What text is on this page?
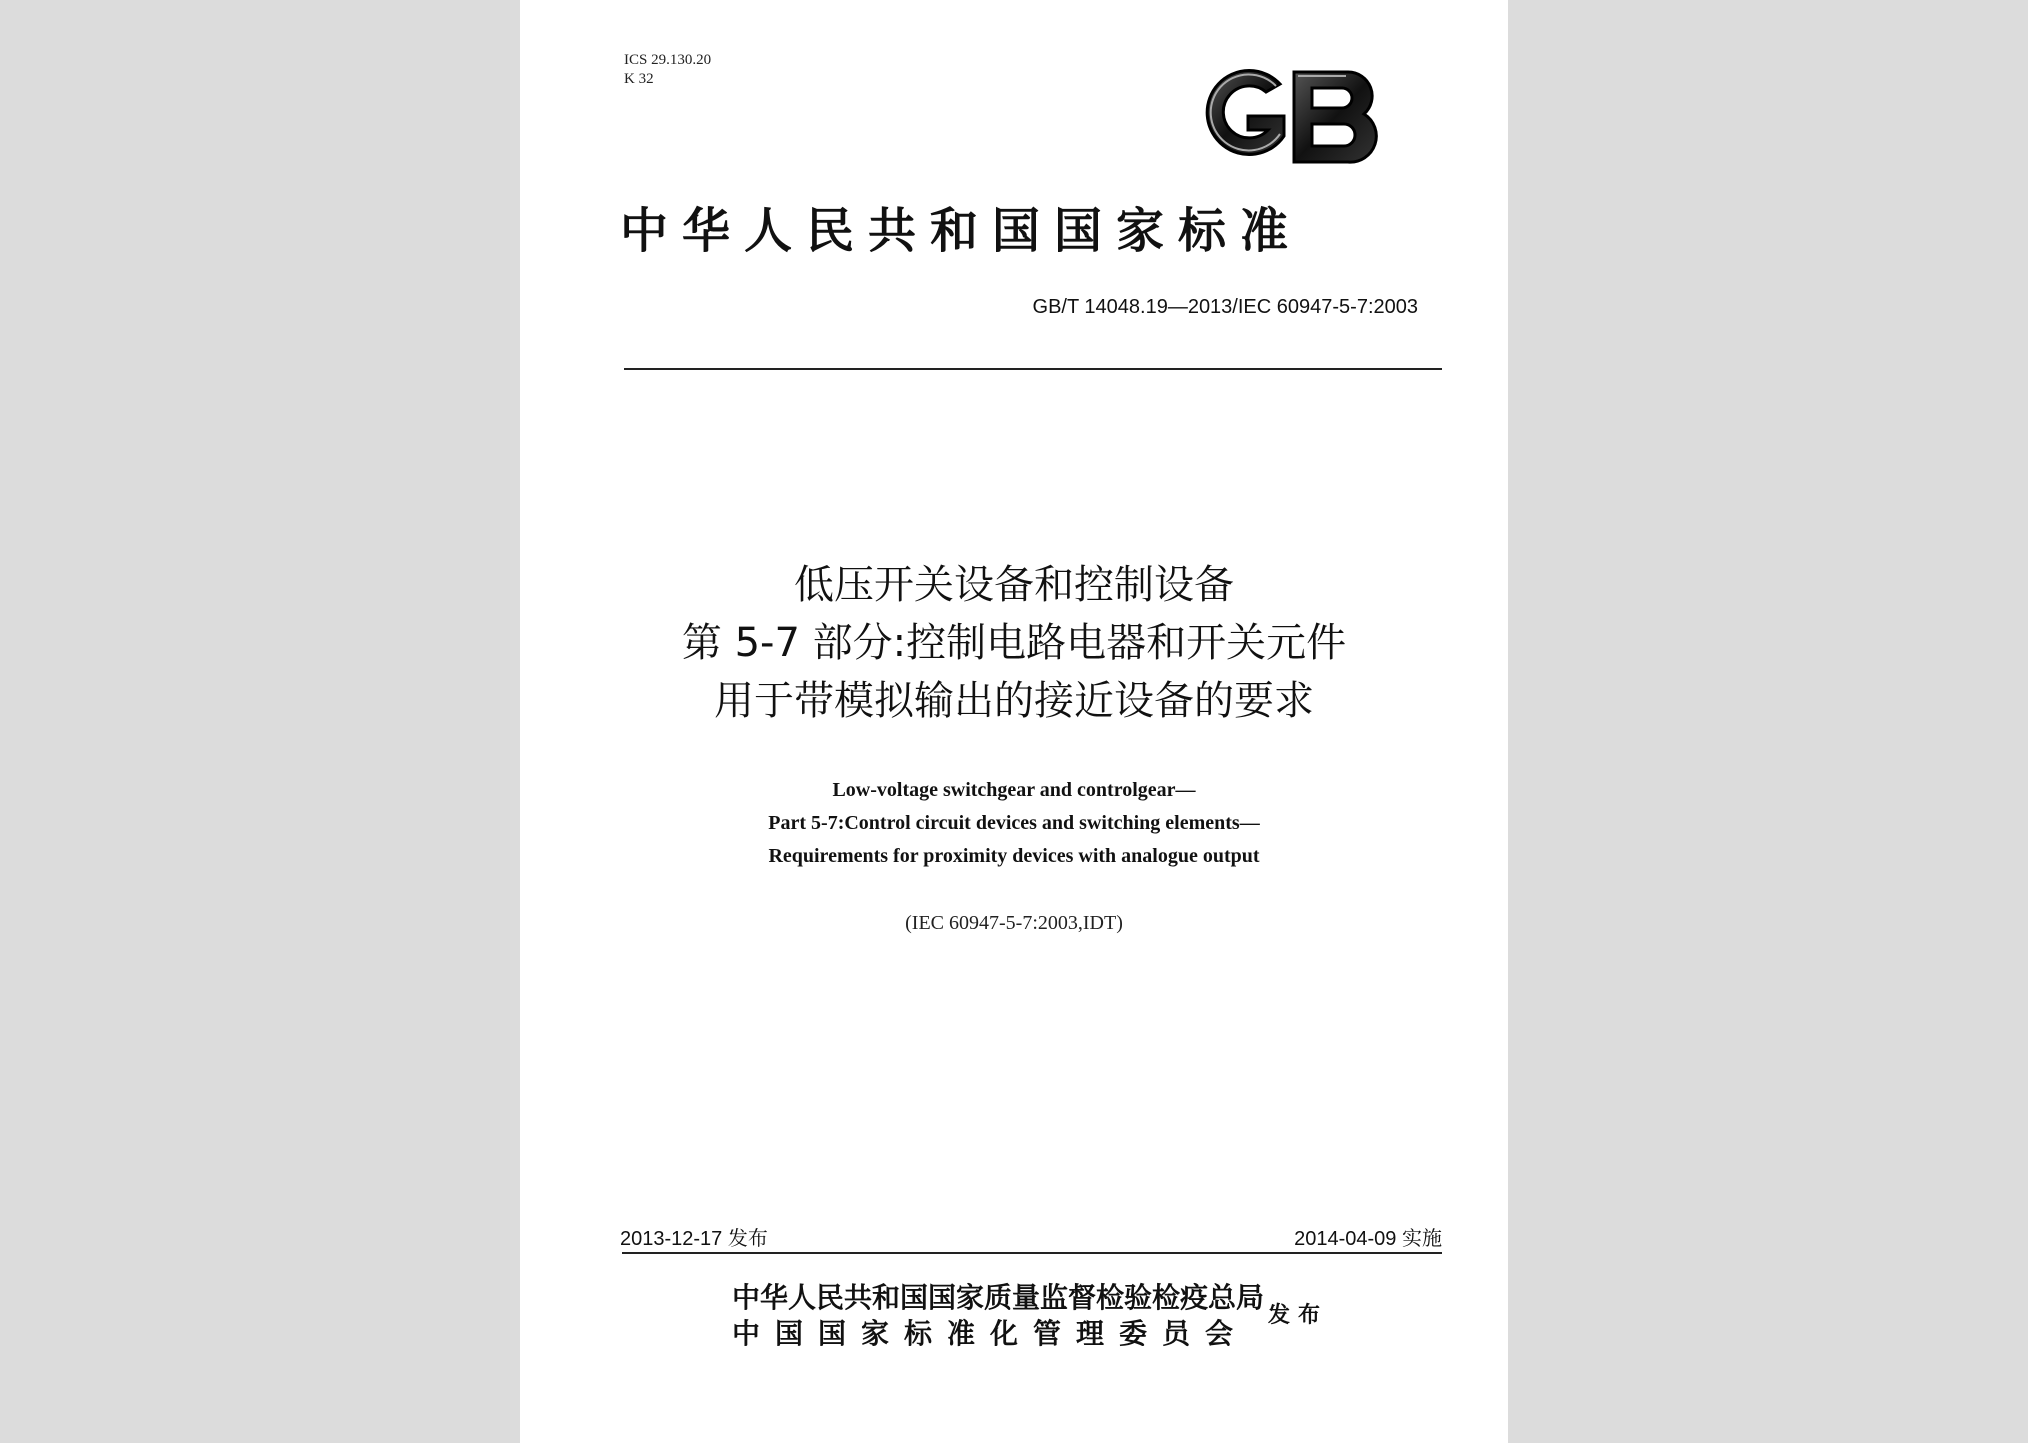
ICS 29.130.20
K 32
中华人民共和国国家标准
GB/T 14048.19—2013/IEC 60947-5-7:2003
低压开关设备和控制设备
第 5-7 部分:控制电路电器和开关元件
用于带模拟输出的接近设备的要求
Low-voltage switchgear and controlgear—
Part 5-7:Control circuit devices and switching elements—
Requirements for proximity devices with analogue output
(IEC 60947-5-7:2003,IDT)
2013-12-17 发布	2014-04-09 实施
中华人民共和国国家质量监督检验检疫总局
中国国家标准化管理委员会
发布
